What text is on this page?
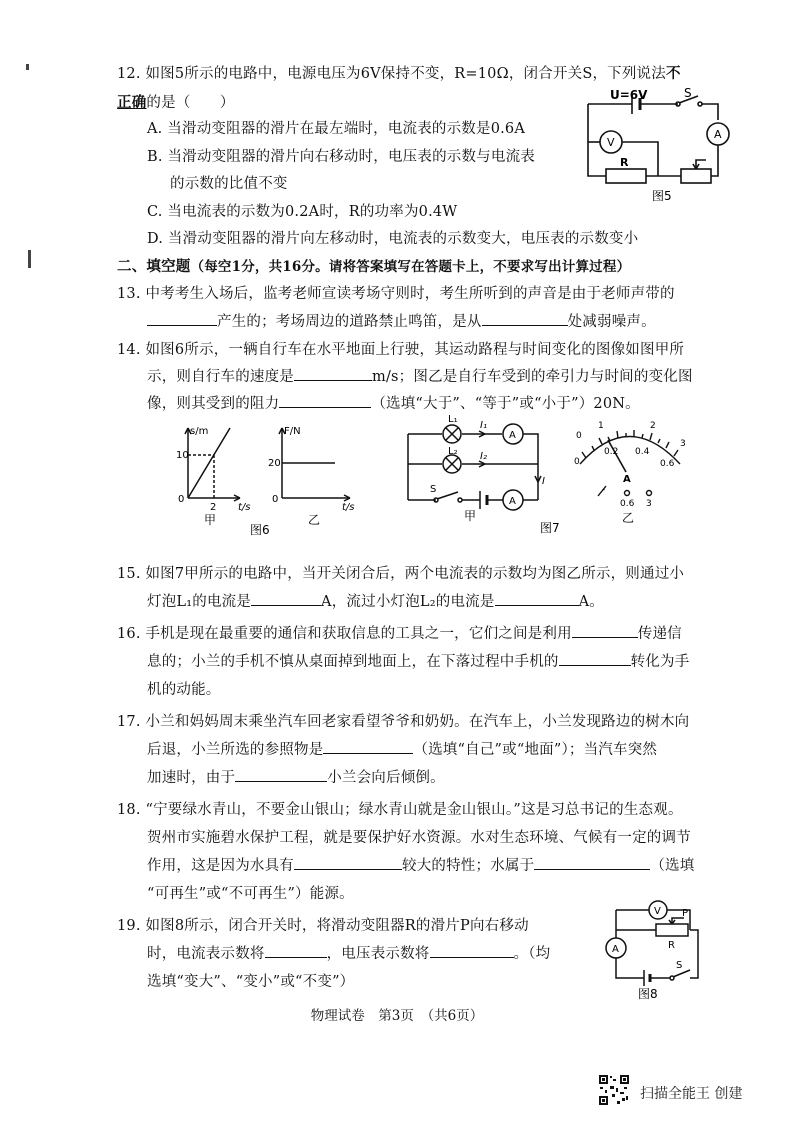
12. 如图5所示的电路中，电源电压为6V保持不变，R=10Ω，闭合开关S，下列说法不
正确的是（　　）
A. 当滑动变阻器的滑片在最左端时，电流表的示数是0.6A
B. 当滑动变阻器的滑片向右移动时，电压表的示数与电流表
的示数的比值不变
C. 当电流表的示数为0.2A时，R的功率为0.4W
D. 当滑动变阻器的滑片向左移动时，电流表的示数变大，电压表的示数变小
U=6V	S
V
A
R
图5
二、填空题（每空1分，共16分。请将答案填写在答题卡上，不要求写出计算过程）
13. 中考考生入场后，监考老师宣读考场守则时，考生所听到的声音是由于老师声带的
产生的；考场周边的道路禁止鸣笛，是从	处减弱噪声。
14. 如图6所示，一辆自行车在水平地面上行驶，其运动路程与时间变化的图像如图甲所
示，则自行车的速度是	m/s；图乙是自行车受到的牵引力与时间的变化图
像，则其受到的阻力	（选填“大于”、“等于”或“小于”）20N。
s/m
10
0
2 t/s
甲
F/N
20
0
t/s
乙
图6
L₁
L₂
I₁
I₂
I
A
A
S
甲
图7
0
0.2 0.4
0.6
0
1	2
3
A
-
0.6 3
乙
15. 如图7甲所示的电路中，当开关闭合后，两个电流表的示数均为图乙所示，则通过小
灯泡L₁的电流是	A，流过小灯泡L₂的电流是	A。
16. 手机是现在最重要的通信和获取信息的工具之一，它们之间是利用	传递信
息的；小兰的手机不慎从桌面掉到地面上，在下落过程中手机的	转化为手
机的动能。
17. 小兰和妈妈周末乘坐汽车回老家看望爷爷和奶奶。在汽车上，小兰发现路边的树木向
后退，小兰所选的参照物是	（选填“自己”或“地面”）；当汽车突然
加速时，由于	小兰会向后倾倒。
18. “宁要绿水青山，不要金山银山；绿水青山就是金山银山。”这是习总书记的生态观。
贺州市实施碧水保护工程，就是要保护好水资源。水对生态环境、气候有一定的调节
作用，这是因为水具有	较大的特性；水属于	（选填
“可再生”或“不可再生”）能源。
19. 如图8所示，闭合开关时，将滑动变阻器R的滑片P向右移动
时，电流表示数将	，电压表示数将	。（均
选填“变大”、“变小”或“不变”）
V P
R
A
S
图8
物理试卷　第3页　（共6页）
扫描全能王 创建
